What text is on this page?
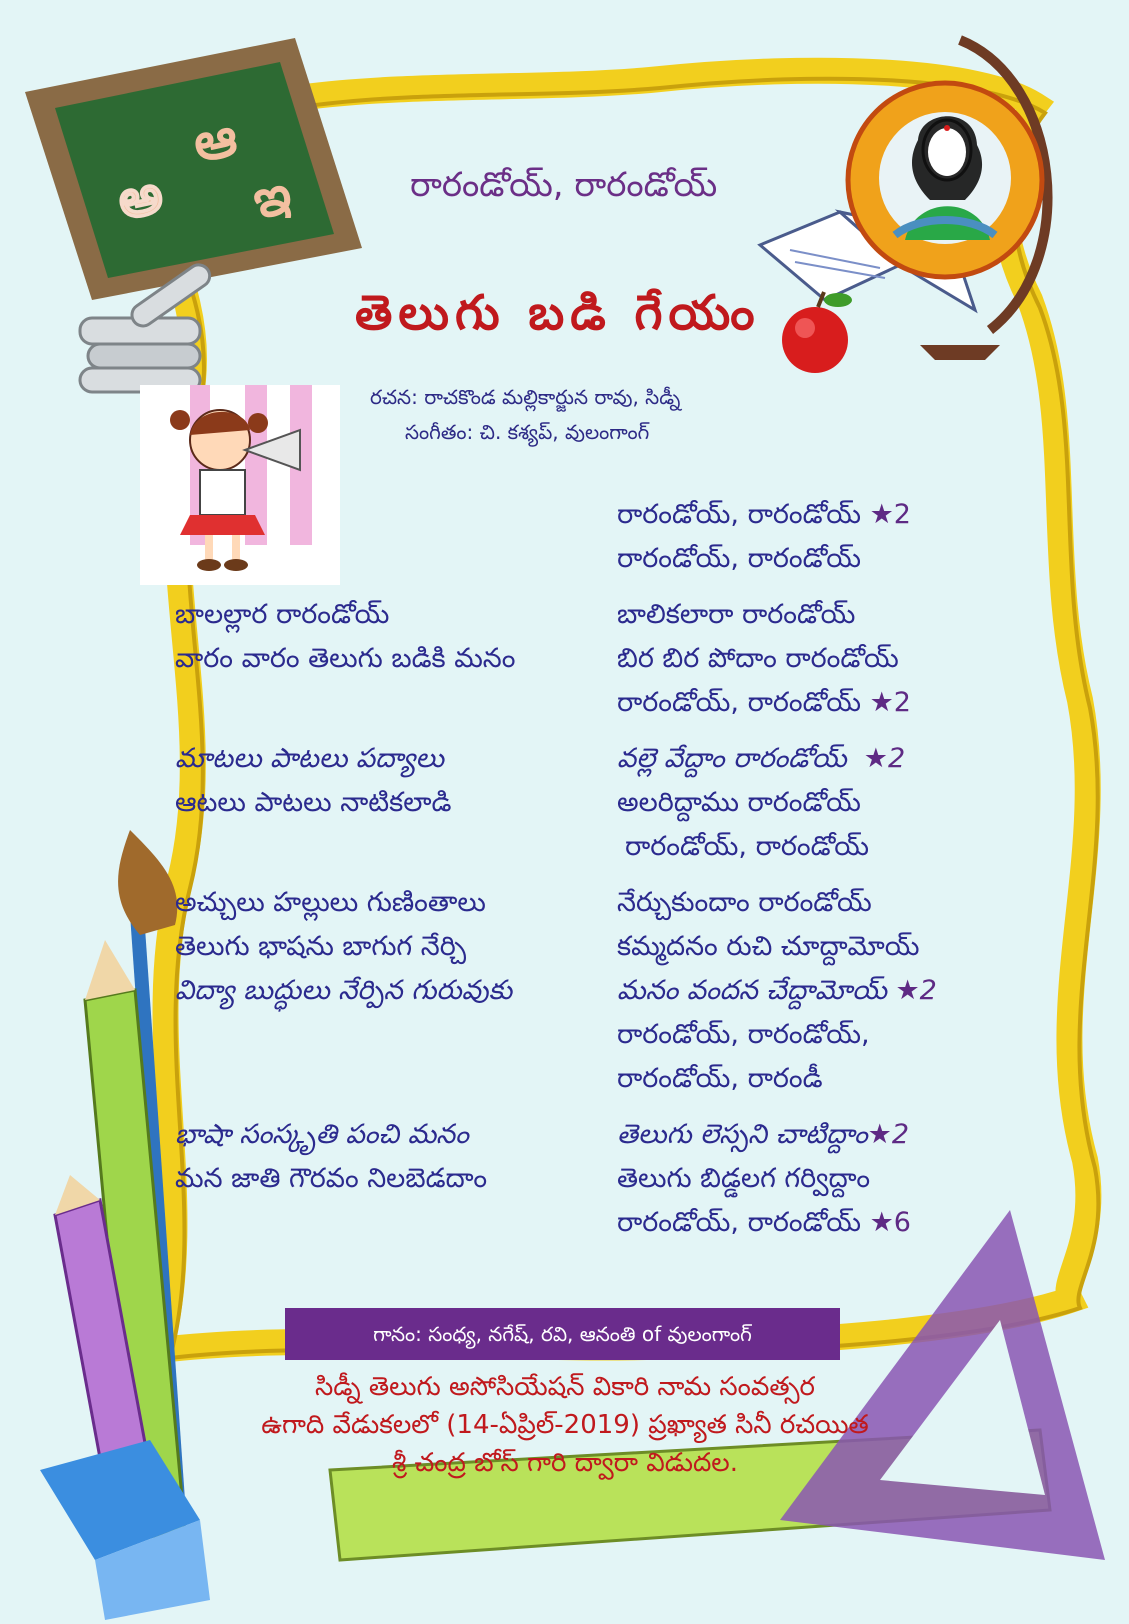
అ
ఆ
ఇ	రారండోయ్, రారండోయ్
తెలుగు బడి గేయం
రచన: రాచకొండ మల్లికార్జున రావు, సిడ్నీ
సంగీతం: చి. కశ్యప్, వులంగాంగ్
రారండోయ్, రారండోయ్ ★2
రారండోయ్, రారండోయ్
బాలల్లార రారండోయ్
వారం వారం తెలుగు బడికి మనం
బాలికలారా రారండోయ్
బిర బిర పోదాం రారండోయ్
రారండోయ్, రారండోయ్ ★2
మాటలు పాటలు పద్యాలు
ఆటలు పాటలు నాటికలాడి
వల్లె వేద్దాం రారండోయ్ ★2
అలరిద్దాము రారండోయ్
రారండోయ్, రారండోయ్
అచ్చులు హల్లులు గుణింతాలు
తెలుగు భాషను బాగుగ నేర్చి
విద్యా బుద్ధులు నేర్పిన గురువుకు
నేర్చుకుందాం రారండోయ్
కమ్మదనం రుచి చూద్దామోయ్
మనం వందన చేద్దామోయ్ ★2
రారండోయ్, రారండోయ్,
రారండోయ్, రారండీ
భాషా సంస్కృతి పంచి మనం
మన జాతి గౌరవం నిలబెడదాం
తెలుగు లెస్సని చాటిద్దాం★2
తెలుగు బిడ్డలగ గర్విద్దాం
రారండోయ్, రారండోయ్ ★6
గానం: సంధ్య, నగేష్, రవి, ఆనంతి of వులంగాంగ్
సిడ్నీ తెలుగు అసోసియేషన్ వికారి నామ సంవత్సర
ఉగాది వేడుకలలో (14-ఏప్రిల్-2019) ప్రఖ్యాత సినీ రచయిత
శ్రీ చంద్ర బోస్ గారి ద్వారా విడుదల.
